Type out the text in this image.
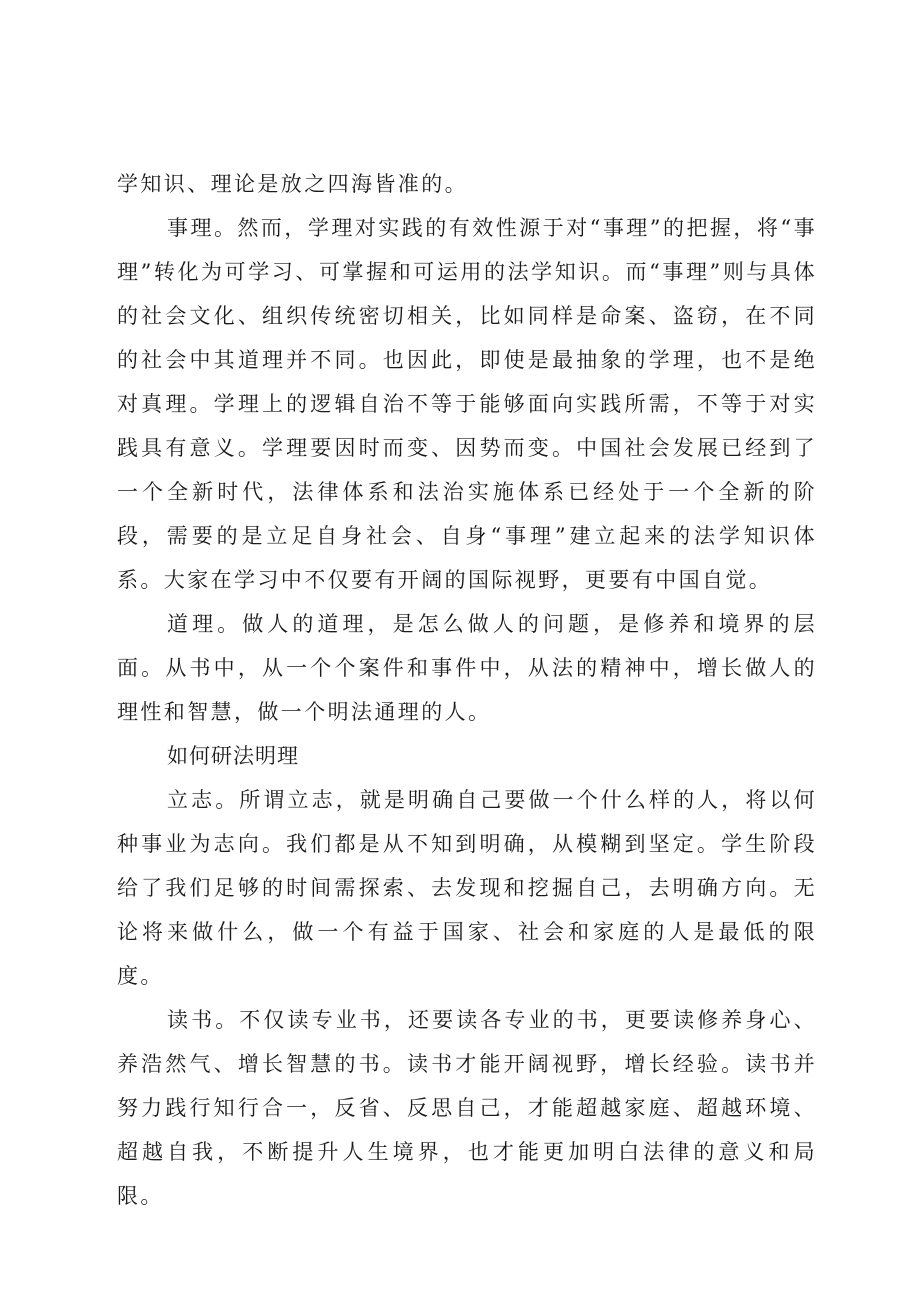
学知识、理论是放之四海皆准的。

事理。然而，学理对实践的有效性源于对“事理”的把握，将“事理”转化为可学习、可掌握和可运用的法学知识。而“事理”则与具体的社会文化、组织传统密切相关，比如同样是命案、盗窃，在不同的社会中其道理并不同。也因此，即使是最抽象的学理，也不是绝对真理。学理上的逻辑自治不等于能够面向实践所需，不等于对实践具有意义。学理要因时而变、因势而变。中国社会发展已经到了一个全新时代，法律体系和法治实施体系已经处于一个全新的阶段，需要的是立足自身社会、自身“事理”建立起来的法学知识体系。大家在学习中不仅要有开阔的国际视野，更要有中国自觉。

道理。做人的道理，是怎么做人的问题，是修养和境界的层面。从书中，从一个个案件和事件中，从法的精神中，增长做人的理性和智慧，做一个明法通理的人。

如何研法明理

立志。所谓立志，就是明确自己要做一个什么样的人，将以何种事业为志向。我们都是从不知到明确，从模糊到坚定。学生阶段给了我们足够的时间需探索、去发现和挖掘自己，去明确方向。无论将来做什么，做一个有益于国家、社会和家庭的人是最低的限度。

读书。不仅读专业书，还要读各专业的书，更要读修养身心、养浩然气、增长智慧的书。读书才能开阔视野，增长经验。读书并努力践行知行合一，反省、反思自己，才能超越家庭、超越环境、超越自我，不断提升人生境界，也才能更加明白法律的意义和局限。
